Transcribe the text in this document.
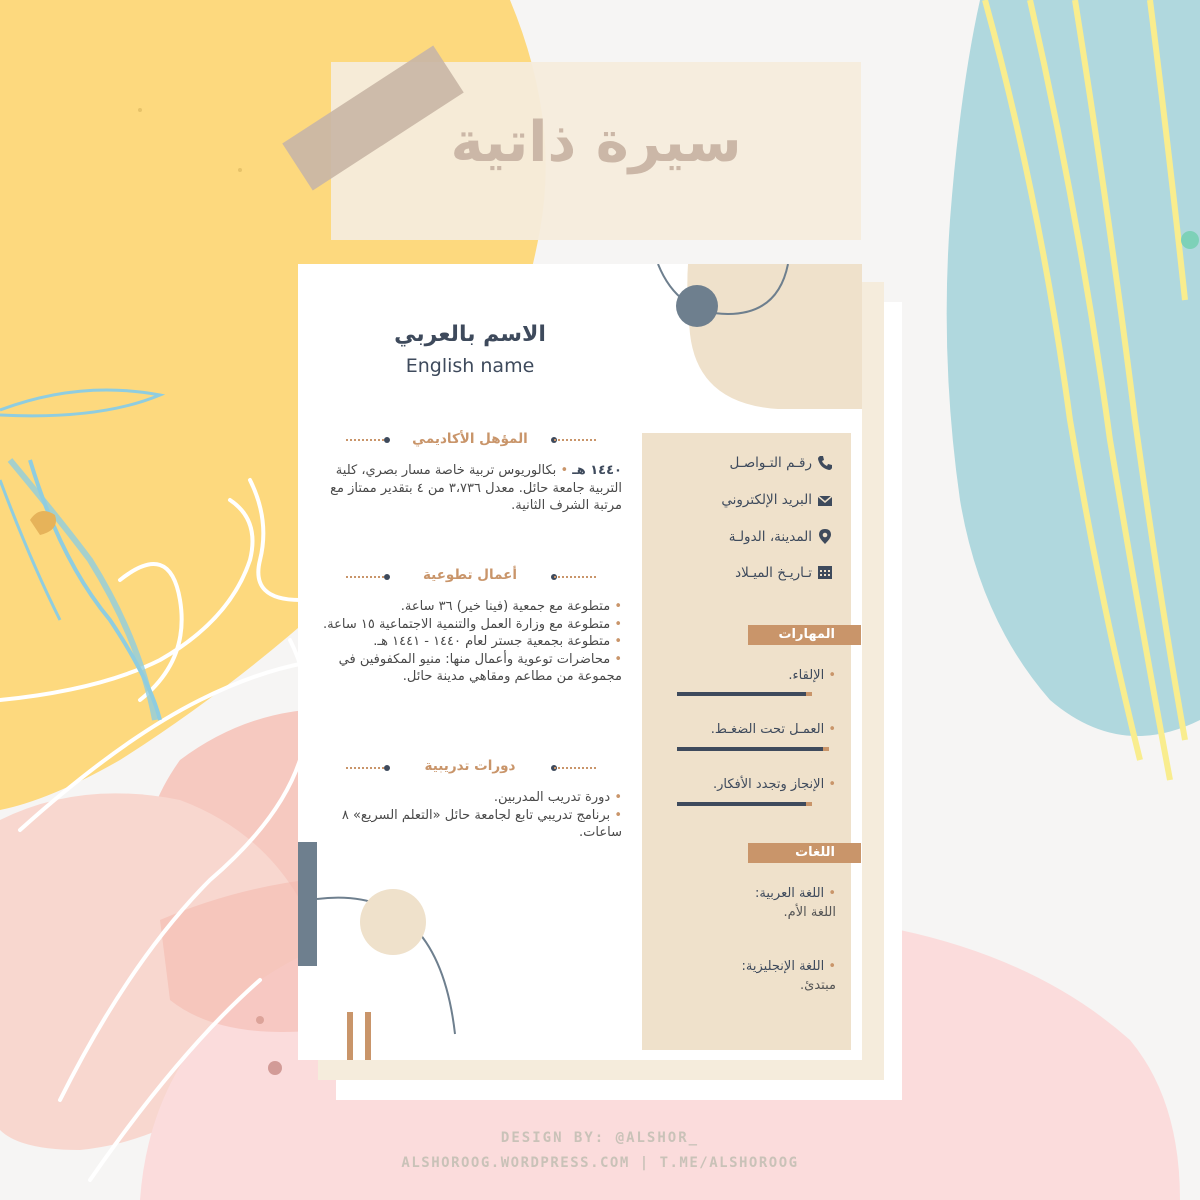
سيرة ذاتية
الاسم بالعربي
English name
المؤهل الأكاديمي
١٤٤٠ هـ • بكالوريوس تربية خاصة مسار بصري، كلية التربية جامعة حائل. معدل ٣،٧٣٦ من ٤ بتقدير ممتاز مع مرتبة الشرف الثانية.
أعمال تطوعية
• متطوعة مع جمعية (فينا خير) ٣٦ ساعة.
• متطوعة مع وزارة العمل والتنمية الاجتماعية ١٥ ساعة.
• متطوعة بجمعية جستر لعام ١٤٤٠ - ١٤٤١ هـ.
• محاضرات توعوية وأعمال منها: منيو المكفوفين في مجموعة من مطاعم ومقاهي مدينة حائل.
دورات تدريبية
• دورة تدريب المدربين.
• برنامج تدريبي تابع لجامعة حائل «التعلم السريع» ٨ ساعات.
رقـم التـواصـل
البريد الإلكتروني
المدينة، الدولـة
تـاريـخ الميـلاد
المهارات
• الإلقاء.
• العمـل تحت الضغـط.
• الإنجاز وتجدد الأفكار.
اللغات
• اللغة العربية:
اللغة الأم.
• اللغة الإنجليزية:
مبتدئ.
DESIGN BY: @ALSHOR_
ALSHOROOG.WORDPRESS.COM | T.ME/ALSHOROOG
